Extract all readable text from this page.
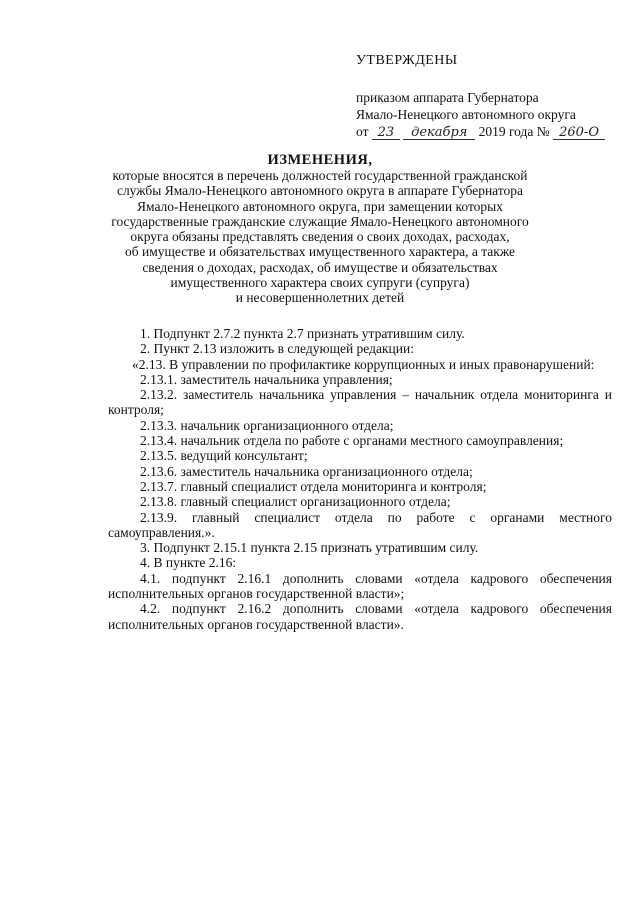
УТВЕРЖДЕНЫ
приказом аппарата Губернатора
Ямало-Ненецкого автономного округа
от 23 декабря 2019 года № 260-О
ИЗМЕНЕНИЯ,
которые вносятся в перечень должностей государственной гражданской
службы Ямало-Ненецкого автономного округа в аппарате Губернатора
Ямало-Ненецкого автономного округа, при замещении которых
государственные гражданские служащие Ямало-Ненецкого автономного
округа обязаны представлять сведения о своих доходах, расходах,
об имуществе и обязательствах имущественного характера, а также
сведения о доходах, расходах, об имуществе и обязательствах
имущественного характера своих супруги (супруга)
и несовершеннолетних детей

1. Подпункт 2.7.2 пункта 2.7 признать утратившим силу.

2. Пункт 2.13 изложить в следующей редакции:

«2.13. В управлении по профилактике коррупционных и иных правонарушений:

2.13.1. заместитель начальника управления;

2.13.2. заместитель начальника управления – начальник отдела мониторинга и контроля;

2.13.3. начальник организационного отдела;

2.13.4. начальник отдела по работе с органами местного самоуправления;

2.13.5. ведущий консультант;

2.13.6. заместитель начальника организационного отдела;

2.13.7. главный специалист отдела мониторинга и контроля;

2.13.8. главный специалист организационного отдела;

2.13.9. главный специалист отдела по работе с органами местного самоуправления.».

3. Подпункт 2.15.1 пункта 2.15 признать утратившим силу.

4. В пункте 2.16:

4.1. подпункт 2.16.1 дополнить словами «отдела кадрового обеспечения исполнительных органов государственной власти»;

4.2. подпункт 2.16.2 дополнить словами «отдела кадрового обеспечения исполнительных органов государственной власти».
